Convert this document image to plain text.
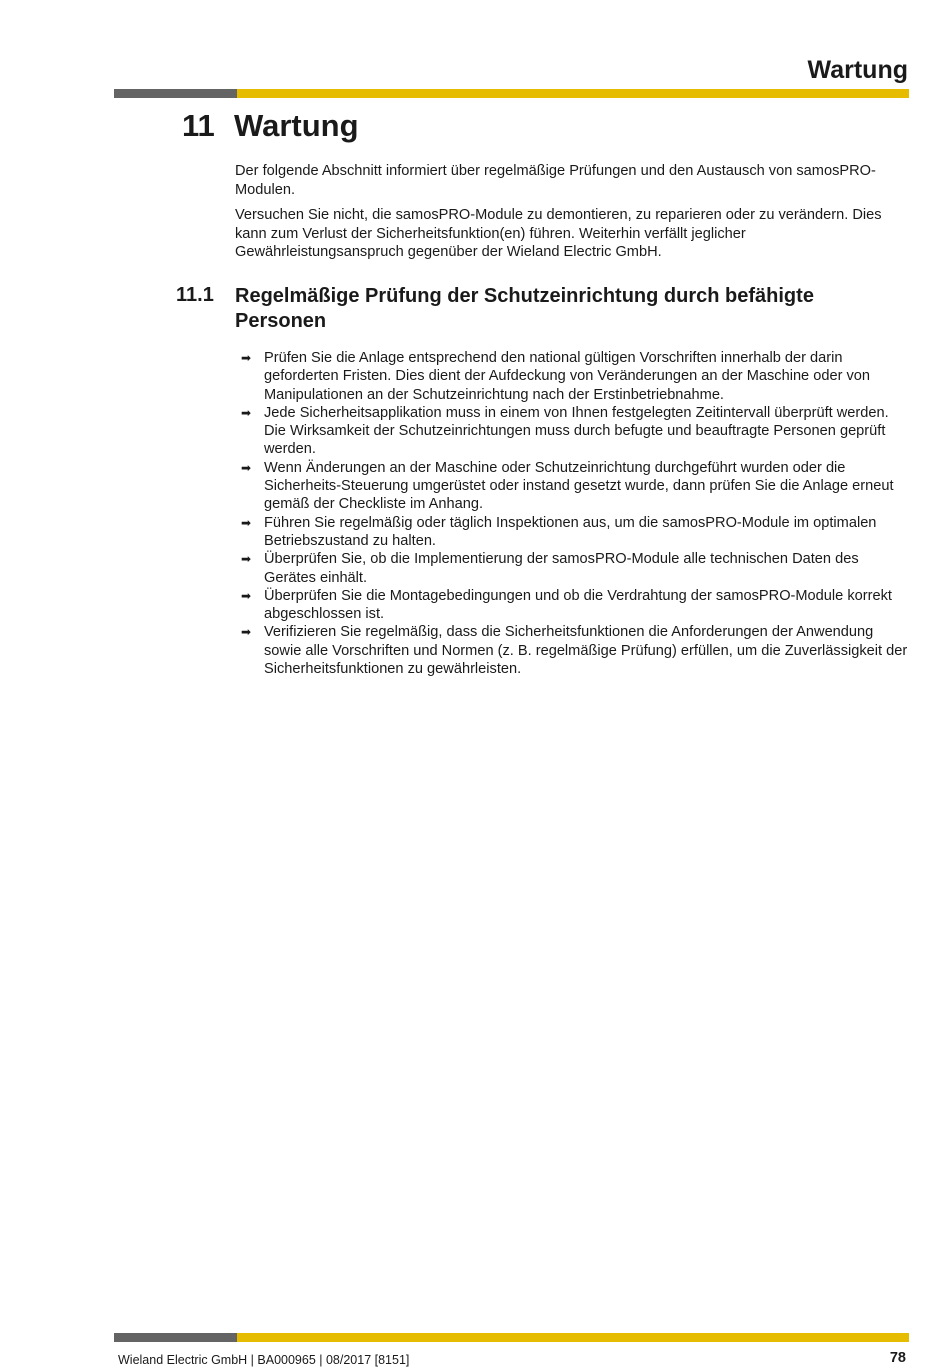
Wartung
11 Wartung

Der folgende Abschnitt informiert über regelmäßige Prüfungen und den Austausch von samosPRO-Modulen.

Versuchen Sie nicht, die samosPRO-Module zu demontieren, zu reparieren oder zu verändern. Dies kann zum Verlust der Sicherheitsfunktion(en) führen. Weiterhin verfällt jeglicher Gewährleistungsanspruch gegenüber der Wieland Electric GmbH.

11.1 Regelmäßige Prüfung der Schutzeinrichtung durch befähigte Personen
➡ Prüfen Sie die Anlage entsprechend den national gültigen Vorschriften innerhalb der darin geforderten Fristen. Dies dient der Aufdeckung von Veränderungen an der Maschine oder von Manipulationen an der Schutzeinrichtung nach der Erstinbetriebnahme.
➡ Jede Sicherheitsapplikation muss in einem von Ihnen festgelegten Zeitintervall überprüft werden. Die Wirksamkeit der Schutzeinrichtungen muss durch befugte und beauftragte Personen geprüft werden.
➡ Wenn Änderungen an der Maschine oder Schutzeinrichtung durchgeführt wurden oder die Sicherheits-Steuerung umgerüstet oder instand gesetzt wurde, dann prüfen Sie die Anlage erneut gemäß der Checkliste im Anhang.
➡ Führen Sie regelmäßig oder täglich Inspektionen aus, um die samosPRO-Module im optimalen Betriebszustand zu halten.
➡ Überprüfen Sie, ob die Implementierung der samosPRO-Module alle technischen Daten des Gerätes einhält.
➡ Überprüfen Sie die Montagebedingungen und ob die Verdrahtung der samosPRO-Module korrekt abgeschlossen ist.
➡ Verifizieren Sie regelmäßig, dass die Sicherheitsfunktionen die Anforderungen der Anwendung sowie alle Vorschriften und Normen (z. B. regelmäßige Prüfung) erfüllen, um die Zuverlässigkeit der Sicherheitsfunktionen zu gewährleisten.
Wieland Electric GmbH | BA000965 | 08/2017 [8151]	78
